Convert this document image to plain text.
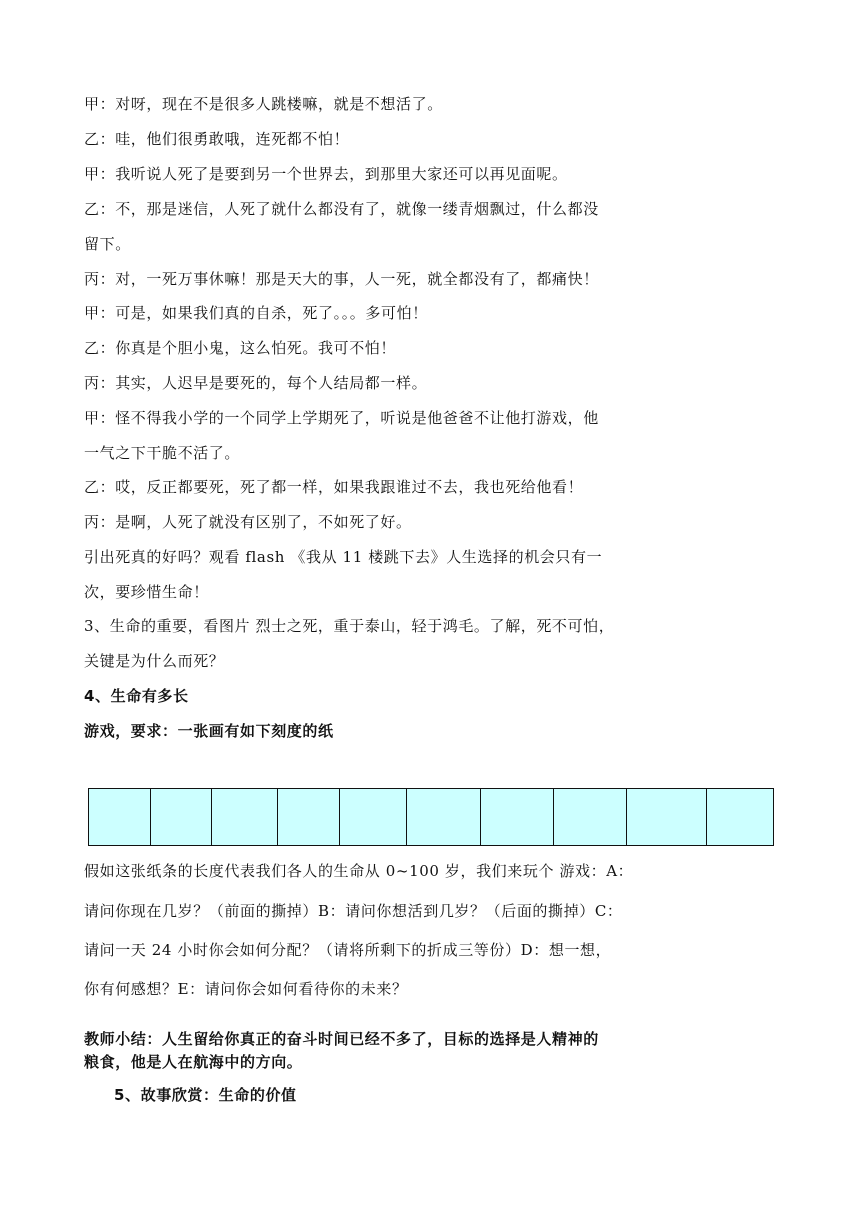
甲：对呀，现在不是很多人跳楼嘛，就是不想活了。
乙：哇，他们很勇敢哦，连死都不怕！
甲：我听说人死了是要到另一个世界去，到那里大家还可以再见面呢。
乙：不，那是迷信，人死了就什么都没有了，就像一缕青烟飘过，什么都没
留下。
丙：对，一死万事休嘛！那是天大的事，人一死，就全都没有了，都痛快！
甲：可是，如果我们真的自杀，死了。。。多可怕！
乙：你真是个胆小鬼，这么怕死。我可不怕！
丙：其实，人迟早是要死的，每个人结局都一样。
甲：怪不得我小学的一个同学上学期死了，听说是他爸爸不让他打游戏，他
一气之下干脆不活了。
乙：哎，反正都要死，死了都一样，如果我跟谁过不去，我也死给他看！
丙：是啊，人死了就没有区别了，不如死了好。
引出死真的好吗？观看 flash 《我从 11 楼跳下去》人生选择的机会只有一
次，要珍惜生命！
3、生命的重要，看图片 烈士之死，重于泰山，轻于鸿毛。了解，死不可怕，
关键是为什么而死？
4、生命有多长
游戏，要求：一张画有如下刻度的纸
假如这张纸条的长度代表我们各人的生命从 0~100 岁，我们来玩个 游戏：A：
请问你现在几岁？（前面的撕掉）B：请问你想活到几岁？（后面的撕掉）C：
请问一天 24 小时你会如何分配？（请将所剩下的折成三等份）D：想一想，
你有何感想？E：请问你会如何看待你的未来？
教师小结：人生留给你真正的奋斗时间已经不多了，目标的选择是人精神的
粮食，他是人在航海中的方向。
5、故事欣赏：生命的价值
